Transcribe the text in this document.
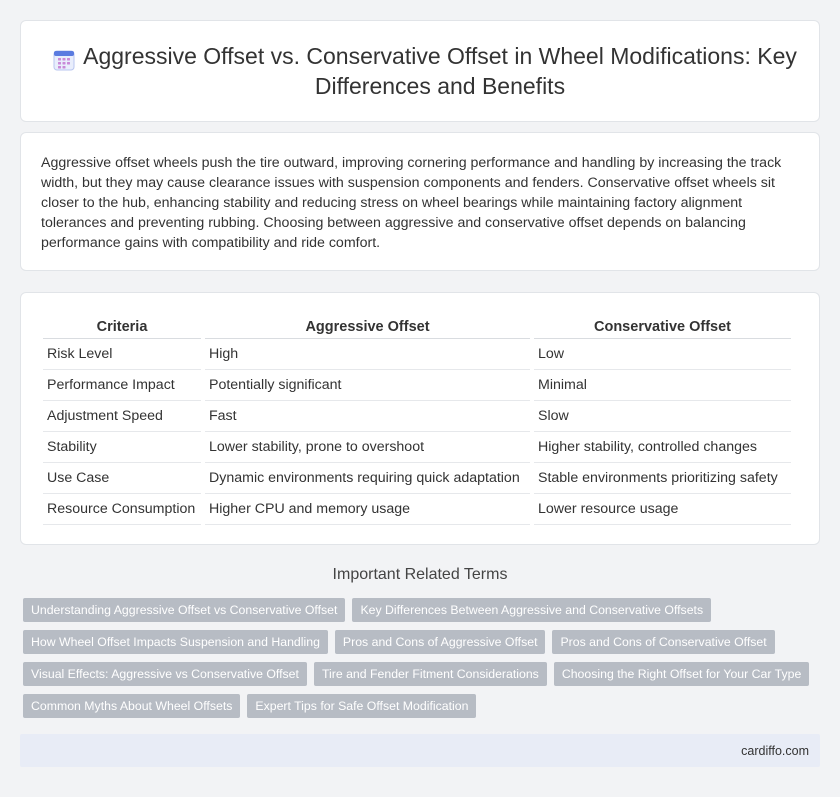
Aggressive Offset vs. Conservative Offset in Wheel Modifications: Key Differences and Benefits

Aggressive offset wheels push the tire outward, improving cornering performance and handling by increasing the track width, but they may cause clearance issues with suspension components and fenders. Conservative offset wheels sit closer to the hub, enhancing stability and reducing stress on wheel bearings while maintaining factory alignment tolerances and preventing rubbing. Choosing between aggressive and conservative offset depends on balancing performance gains with compatibility and ride comfort.

Criteria	Aggressive Offset	Conservative Offset
Risk Level	High	Low
Performance Impact	Potentially significant	Minimal
Adjustment Speed	Fast	Slow
Stability	Lower stability, prone to overshoot	Higher stability, controlled changes
Use Case	Dynamic environments requiring quick adaptation	Stable environments prioritizing safety
Resource Consumption	Higher CPU and memory usage	Lower resource usage
Important Related Terms
Understanding Aggressive Offset vs Conservative Offset	Key Differences Between Aggressive and Conservative Offsets
How Wheel Offset Impacts Suspension and Handling	Pros and Cons of Aggressive Offset	Pros and Cons of Conservative Offset
Visual Effects: Aggressive vs Conservative Offset	Tire and Fender Fitment Considerations	Choosing the Right Offset for Your Car Type
Common Myths About Wheel Offsets	Expert Tips for Safe Offset Modification
cardiffo.com
